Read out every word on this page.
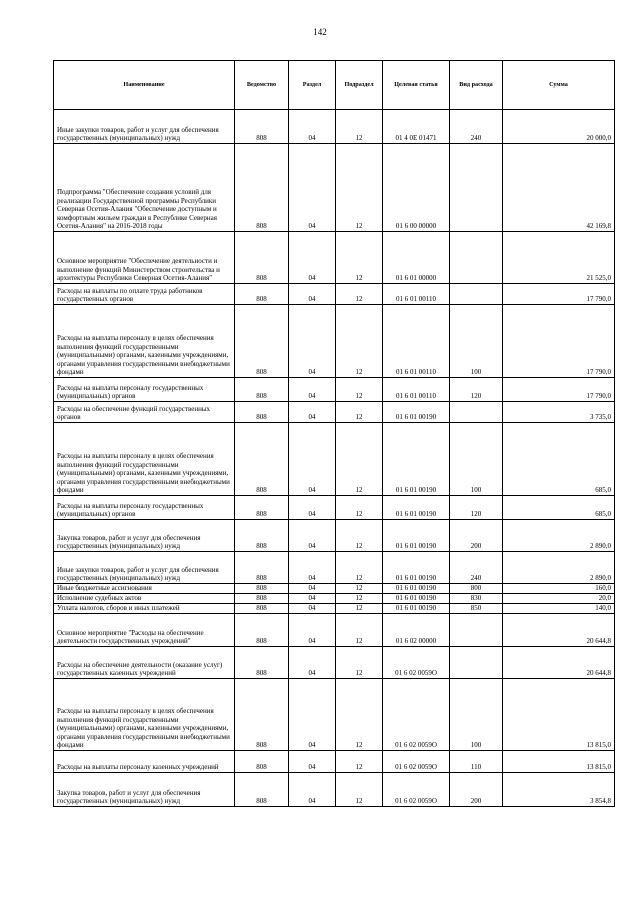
142
Наименование	Ведомство	Раздел	Подраздел	Целевая статья	Вид расхода	Сумма
Иные закупки товаров, работ и услуг для обеспечения государственных (муниципальных) нужд	808	04	12	01 4 0Е 01471	240	20 000,0
Подпрограмма "Обеспечение создания условий для реализации Государственной программы Республики Северная Осетия-Алания "Обеспечение доступным и комфортным жильем граждан в Республике Северная Осетия-Алания" на 2016-2018 годы	808	04	12	01 6 00 00000		42 169,8
Основное мероприятие "Обеспечение деятельности и выполнение функций Министерством строительства и архитектуры Республики Северная Осетия-Алания"	808	04	12	01 6 01 00000		21 525,0
Расходы на выплаты по оплате труда работников государственных органов	808	04	12	01 6 01 00110		17 790,0
Расходы на выплаты персоналу в целях обеспечения выполнения функций государственными (муниципальными) органами, казенными учреждениями, органами управления государственными внебюджетными фондами	808	04	12	01 6 01 00110	100	17 790,0
Расходы на выплаты персоналу государственных (муниципальных) органов	808	04	12	01 6 01 00110	120	17 790,0
Расходы на обеспечение функций государственных органов	808	04	12	01 6 01 00190		3 735,0
Расходы на выплаты персоналу в целях обеспечения выполнения функций государственными (муниципальными) органами, казенными учреждениями, органами управления государственными внебюджетными фондами	808	04	12	01 6 01 00190	100	685,0
Расходы на выплаты персоналу государственных (муниципальных) органов	808	04	12	01 6 01 00190	120	685,0
Закупка товаров, работ и услуг для обеспечения государственных (муниципальных) нужд	808	04	12	01 6 01 00190	200	2 890,0
Иные закупки товаров, работ и услуг для обеспечения государственных (муниципальных) нужд	808	04	12	01 6 01 00190	240	2 890,0
Иные бюджетные ассигнования	808	04	12	01 6 01 00190	800	160,0
Исполнение судебных актов	808	04	12	01 6 01 00190	830	20,0
Уплата налогов, сборов и иных платежей	808	04	12	01 6 01 00190	850	140,0
Основное мероприятие "Расходы на обеспечение деятельности государственных учреждений"	808	04	12	01 6 02 00000		20 644,8
Расходы на обеспечение деятельности (оказание услуг) государственных казенных учреждений	808	04	12	01 6 02 0059О		20 644,8
Расходы на выплаты персоналу в целях обеспечения выполнения функций государственными (муниципальными) органами, казенными учреждениями, органами управления государственными внебюджетными фондами	808	04	12	01 6 02 0059О	100	13 815,0
Расходы на выплаты персоналу казенных учреждений	808	04	12	01 6 02 0059О	110	13 815,0
Закупка товаров, работ и услуг для обеспечения государственных (муниципальных) нужд	808	04	12	01 6 02 0059О	200	3 854,8
